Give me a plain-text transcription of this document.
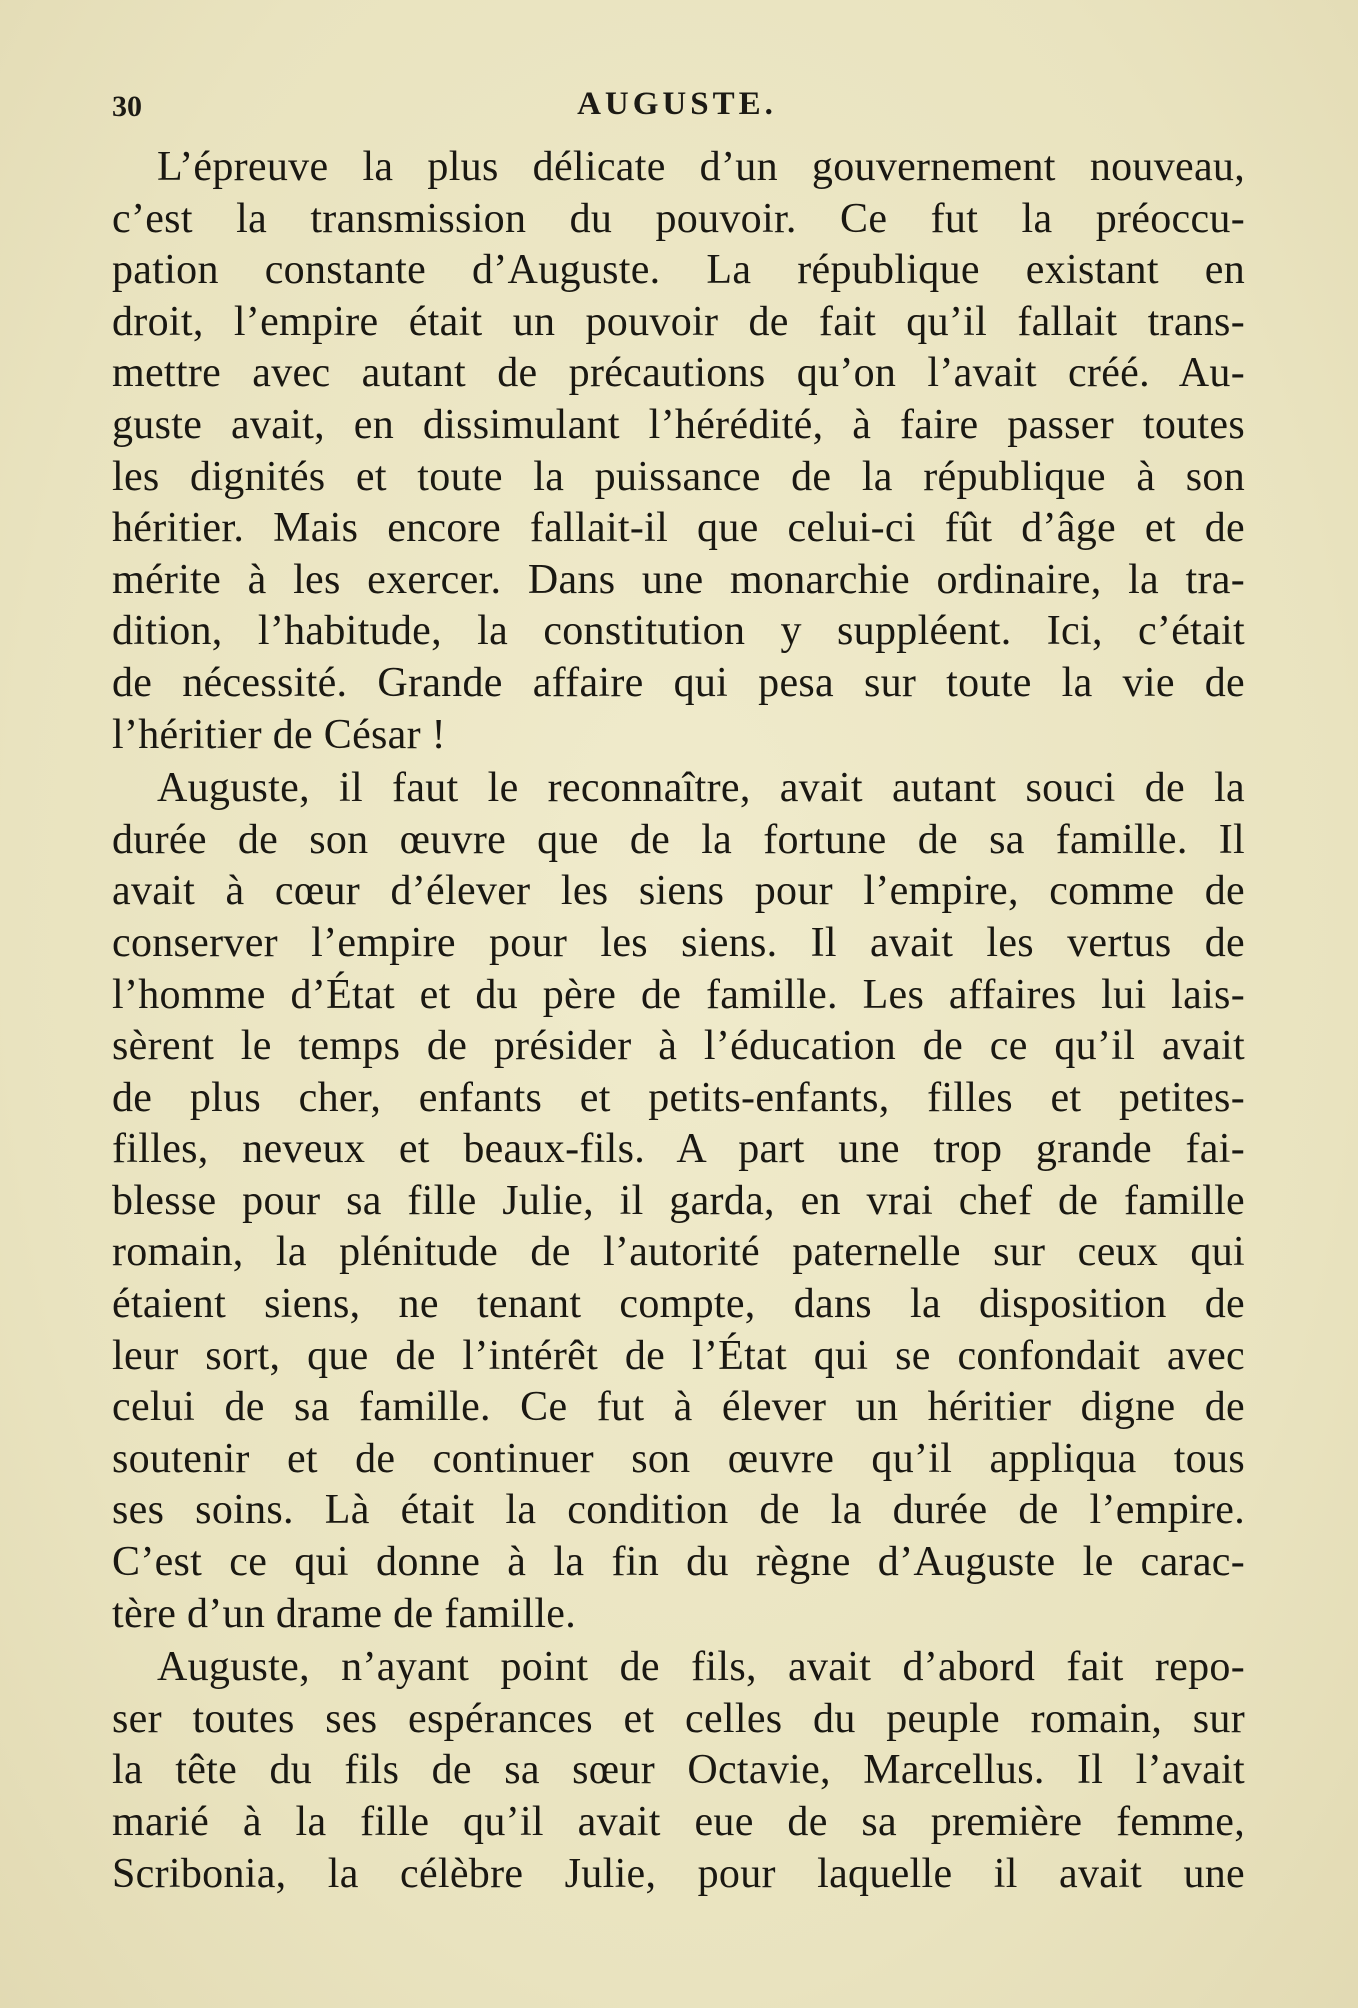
30	AUGUSTE.
L’épreuve la plus délicate d’un gouvernement nouveau,
c’est la transmission du pouvoir. Ce fut la préoccu-
pation constante d’Auguste. La république existant en
droit, l’empire était un pouvoir de fait qu’il fallait trans-
mettre avec autant de précautions qu’on l’avait créé. Au-
guste avait, en dissimulant l’hérédité, à faire passer toutes
les dignités et toute la puissance de la république à son
héritier. Mais encore fallait-il que celui-ci fût d’âge et de
mérite à les exercer. Dans une monarchie ordinaire, la tra-
dition, l’habitude, la constitution y suppléent. Ici, c’était
de nécessité. Grande affaire qui pesa sur toute la vie de
l’héritier de César !
Auguste, il faut le reconnaître, avait autant souci de la
durée de son œuvre que de la fortune de sa famille. Il
avait à cœur d’élever les siens pour l’empire, comme de
conserver l’empire pour les siens. Il avait les vertus de
l’homme d’État et du père de famille. Les affaires lui lais-
sèrent le temps de présider à l’éducation de ce qu’il avait
de plus cher, enfants et petits-enfants, filles et petites-
filles, neveux et beaux-fils. A part une trop grande fai-
blesse pour sa fille Julie, il garda, en vrai chef de famille
romain, la plénitude de l’autorité paternelle sur ceux qui
étaient siens, ne tenant compte, dans la disposition de
leur sort, que de l’intérêt de l’État qui se confondait avec
celui de sa famille. Ce fut à élever un héritier digne de
soutenir et de continuer son œuvre qu’il appliqua tous
ses soins. Là était la condition de la durée de l’empire.
C’est ce qui donne à la fin du règne d’Auguste le carac-
tère d’un drame de famille.
Auguste, n’ayant point de fils, avait d’abord fait repo-
ser toutes ses espérances et celles du peuple romain, sur
la tête du fils de sa sœur Octavie, Marcellus. Il l’avait
marié à la fille qu’il avait eue de sa première femme,
Scribonia, la célèbre Julie, pour laquelle il avait une
